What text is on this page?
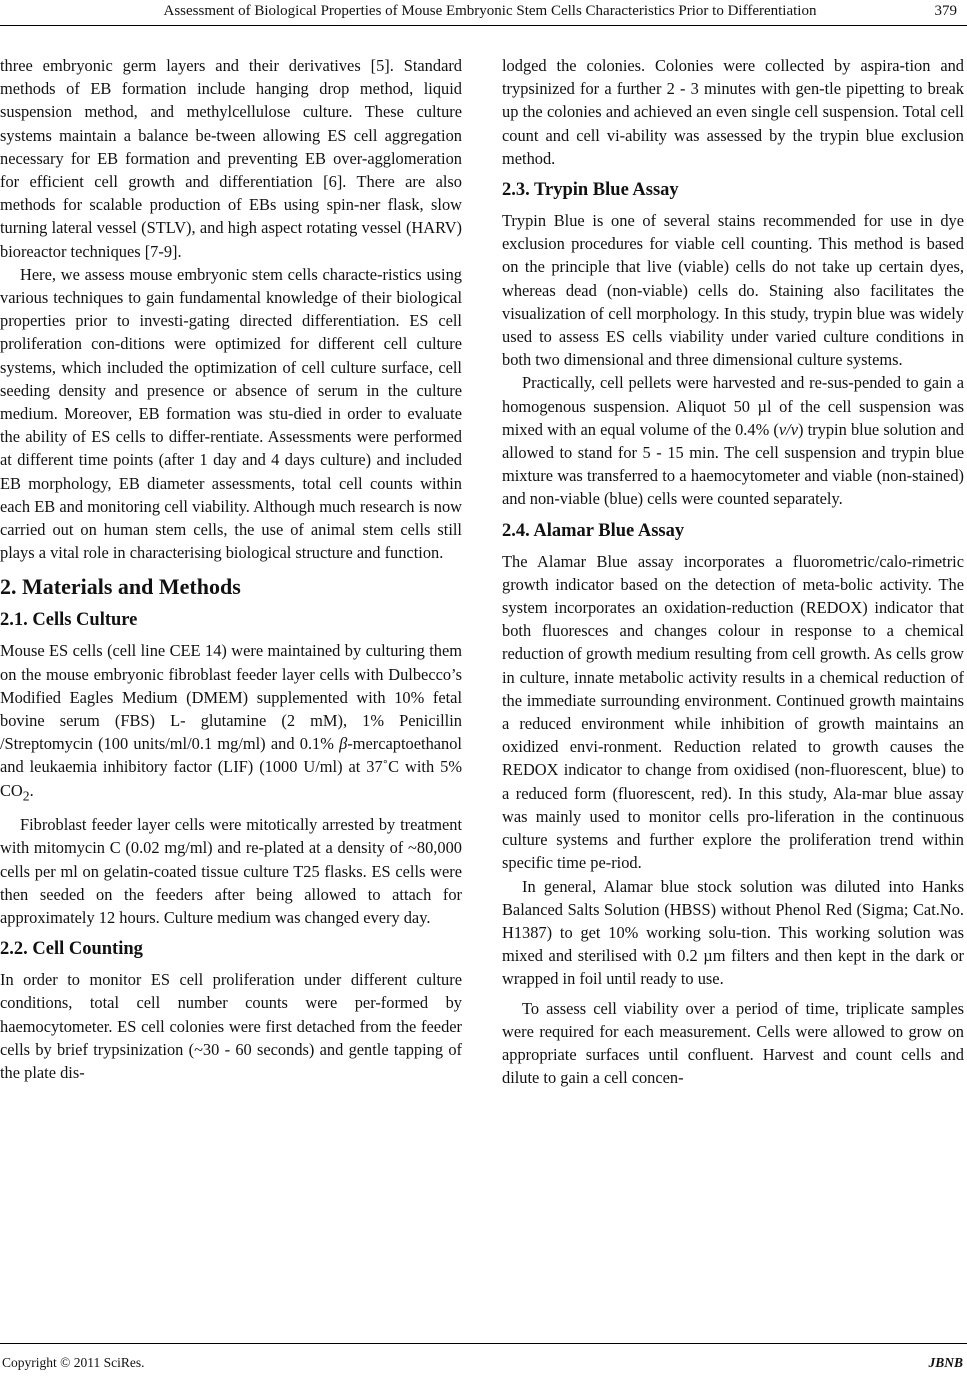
Assessment of Biological Properties of Mouse Embryonic Stem Cells Characteristics Prior to Differentiation	379

three embryonic germ layers and their derivatives [5]. Standard methods of EB formation include hanging drop method, liquid suspension method, and methylcellulose culture. These culture systems maintain a balance be-tween allowing ES cell aggregation necessary for EB formation and preventing EB over-agglomeration for efficient cell growth and differentiation [6]. There are also methods for scalable production of EBs using spin-ner flask, slow turning lateral vessel (STLV), and high aspect rotating vessel (HARV) bioreactor techniques [7-9].

Here, we assess mouse embryonic stem cells characte-ristics using various techniques to gain fundamental knowledge of their biological properties prior to investi-gating directed differentiation. ES cell proliferation con-ditions were optimized for different cell culture systems, which included the optimization of cell culture surface, cell seeding density and presence or absence of serum in the culture medium. Moreover, EB formation was stu-died in order to evaluate the ability of ES cells to differ-rentiate. Assessments were performed at different time points (after 1 day and 4 days culture) and included EB morphology, EB diameter assessments, total cell counts within each EB and monitoring cell viability. Although much research is now carried out on human stem cells, the use of animal stem cells still plays a vital role in characterising biological structure and function.

2. Materials and Methods
2.1. Cells Culture

Mouse ES cells (cell line CEE 14) were maintained by culturing them on the mouse embryonic fibroblast feeder layer cells with Dulbecco’s Modified Eagles Medium (DMEM) supplemented with 10% fetal bovine serum (FBS) L- glutamine (2 mM), 1% Penicillin /Streptomycin (100 units/ml/0.1 mg/ml) and 0.1% β-mercaptoethanol and leukaemia inhibitory factor (LIF) (1000 U/ml) at 37˚C with 5% $CO_2$.

Fibroblast feeder layer cells were mitotically arrested by treatment with mitomycin C (0.02 mg/ml) and re-plated at a density of ~80,000 cells per ml on gelatin-coated tissue culture T25 flasks. ES cells were then seeded on the feeders after being allowed to attach for approximately 12 hours. Culture medium was changed every day.

2.2. Cell Counting

In order to monitor ES cell proliferation under different culture conditions, total cell number counts were per-formed by haemocytometer. ES cell colonies were first detached from the feeder cells by brief trypsinization (~30 - 60 seconds) and gentle tapping of the plate dis-

lodged the colonies. Colonies were collected by aspira-tion and trypsinized for a further 2 - 3 minutes with gen-tle pipetting to break up the colonies and achieved an even single cell suspension. Total cell count and cell vi-ability was assessed by the trypin blue exclusion method.

2.3. Trypin Blue Assay

Trypin Blue is one of several stains recommended for use in dye exclusion procedures for viable cell counting. This method is based on the principle that live (viable) cells do not take up certain dyes, whereas dead (non-viable) cells do. Staining also facilitates the visualization of cell morphology. In this study, trypin blue was widely used to assess ES cells viability under varied culture conditions in both two dimensional and three dimensional culture systems.

Practically, cell pellets were harvested and re-sus-pended to gain a homogenous suspension. Aliquot 50 µl of the cell suspension was mixed with an equal volume of the 0.4% (v/v) trypin blue solution and allowed to stand for 5 - 15 min. The cell suspension and trypin blue mixture was transferred to a haemocytometer and viable (non-stained) and non-viable (blue) cells were counted separately.

2.4. Alamar Blue Assay

The Alamar Blue assay incorporates a fluorometric/calo-rimetric growth indicator based on the detection of meta-bolic activity. The system incorporates an oxidation-reduction (REDOX) indicator that both fluoresces and changes colour in response to a chemical reduction of growth medium resulting from cell growth. As cells grow in culture, innate metabolic activity results in a chemical reduction of the immediate surrounding environment. Continued growth maintains a reduced environment while inhibition of growth maintains an oxidized envi-ronment. Reduction related to growth causes the REDOX indicator to change from oxidised (non-fluorescent, blue) to a reduced form (fluorescent, red). In this study, Ala-mar blue assay was mainly used to monitor cells pro-liferation in the continuous culture systems and further explore the proliferation trend within specific time pe-riod.

In general, Alamar blue stock solution was diluted into Hanks Balanced Salts Solution (HBSS) without Phenol Red (Sigma; Cat.No. H1387) to get 10% working solu-tion. This working solution was mixed and sterilised with 0.2 µm filters and then kept in the dark or wrapped in foil until ready to use.

To assess cell viability over a period of time, triplicate samples were required for each measurement. Cells were allowed to grow on appropriate surfaces until confluent. Harvest and count cells and dilute to gain a cell concen-

Copyright © 2011 SciRes.	JBNB
